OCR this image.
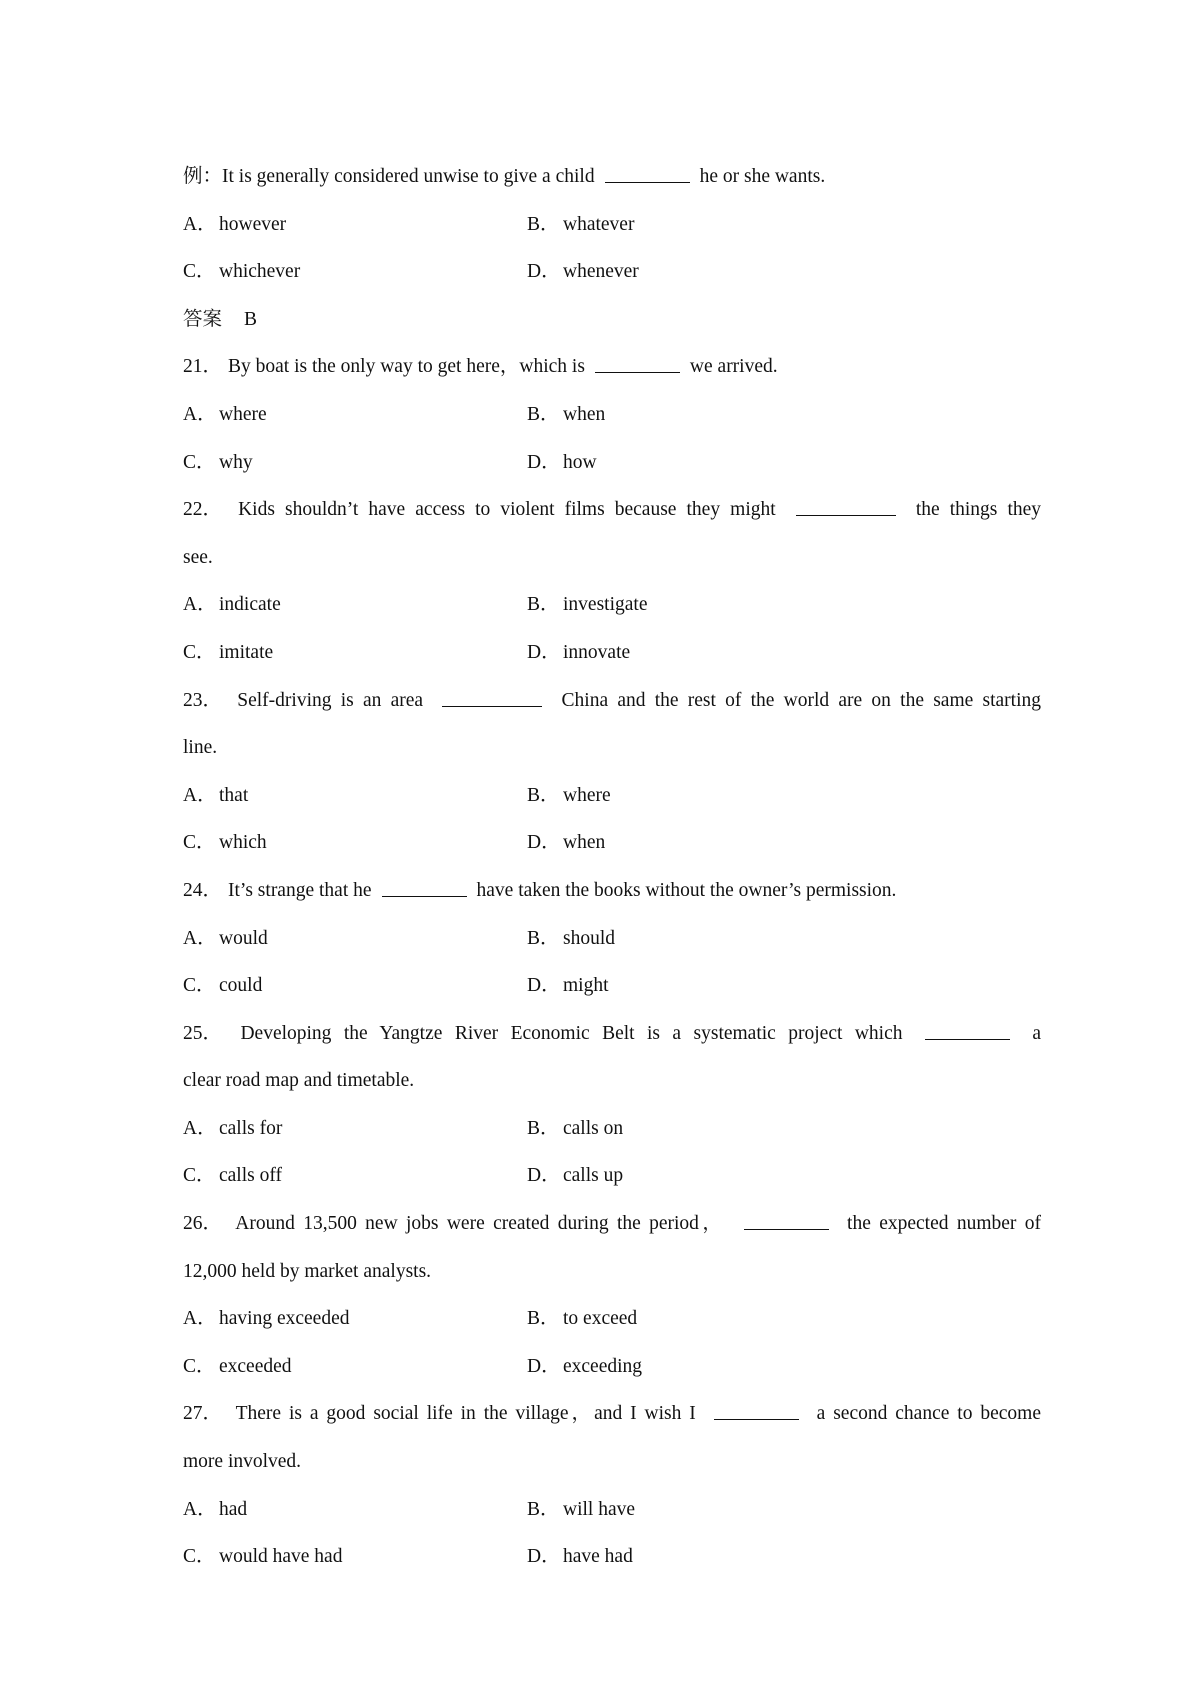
例：It is generally considered unwise to give a child	he or she wants.
A． however	B． whatever
C． whichever	D． whenever
答案 B
21． By boat is the only way to get here，which is	we arrived.
A． where	B． when
C． why	D． how
22． Kids shouldn’t have access to violent films because they might	the things they
see.
A． indicate	B． investigate
C． imitate	D． innovate
23． Self-driving is an area	China and the rest of the world are on the same starting
line.
A． that	B． where
C． which	D． when
24． It’s strange that he	have taken the books without the owner’s permission.
A． would	B． should
C． could	D． might
25． Developing the Yangtze River Economic Belt is a systematic project which	a
clear road map and timetable.
A． calls for	B． calls on
C． calls off	D． calls up
26． Around 13,500 new jobs were created during the period，	the expected number of
12,000 held by market analysts.
A． having exceeded	B． to exceed
C． exceeded	D． exceeding
27． There is a good social life in the village，and I wish I	a second chance to become
more involved.
A． had	B． will have
C． would have had	D． have had
